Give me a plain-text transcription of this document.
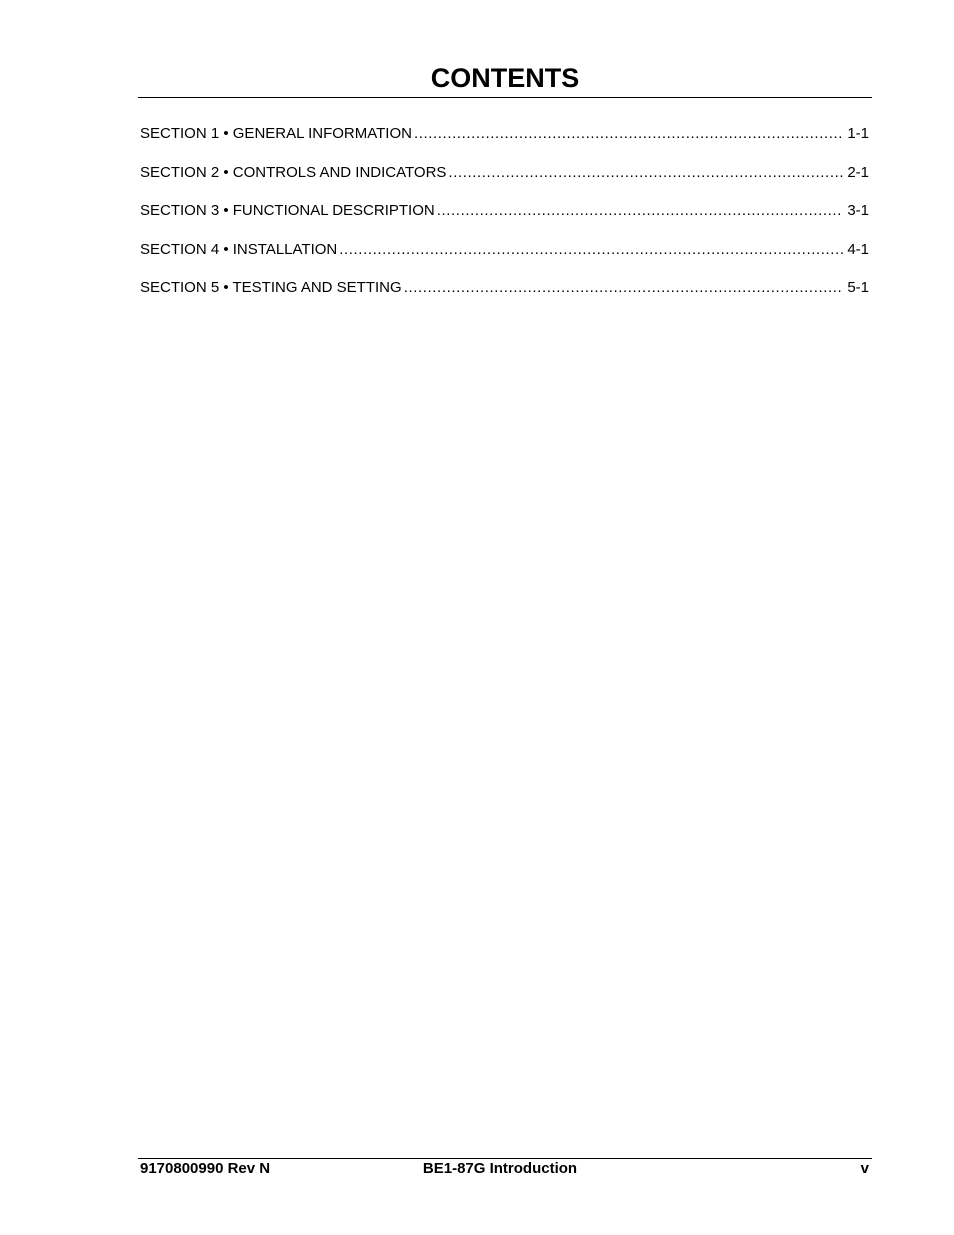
CONTENTS
SECTION 1 • GENERAL INFORMATION .....	1-1
SECTION 2 • CONTROLS AND INDICATORS .....	2-1
SECTION 3 • FUNCTIONAL DESCRIPTION .....	3-1
SECTION 4 • INSTALLATION .....	4-1
SECTION 5 • TESTING AND SETTING .....	5-1
9170800990 Rev N	BE1-87G Introduction	v
